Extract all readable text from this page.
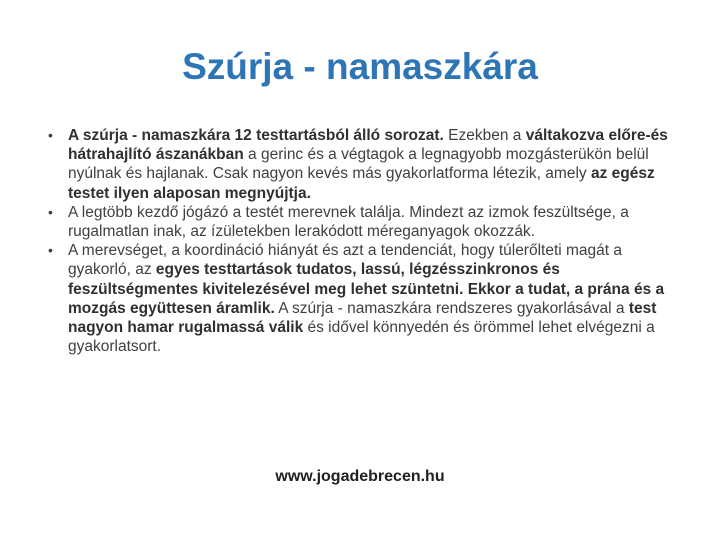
Szúrja - namaszkára
• A szúrja - namaszkára 12 testtartásból álló sorozat. Ezekben a váltakozva előre-és hátrahajlító ászanákban a gerinc és a végtagok a legnagyobb mozgásterükön belül nyúlnak és hajlanak. Csak nagyon kevés más gyakorlatforma létezik, amely az egész testet ilyen alaposan megnyújtja.
• A legtöbb kezdő jógázó a testét merevnek találja. Mindezt az izmok feszültsége, a rugalmatlan inak, az ízületekben lerakódott méreganyagok okozzák.
• A merevséget, a koordináció hiányát és azt a tendenciát, hogy túlerőlteti magát a gyakorló, az egyes testtartások tudatos, lassú, légzésszinkronos és feszültségmentes kivitelezésével meg lehet szüntetni. Ekkor a tudat, a prána és a mozgás együttesen áramlik. A szúrja - namaszkára rendszeres gyakorlásával a test nagyon hamar rugalmassá válik és idővel könnyedén és örömmel lehet elvégezni a gyakorlatsort.
www.jogadebrecen.hu
